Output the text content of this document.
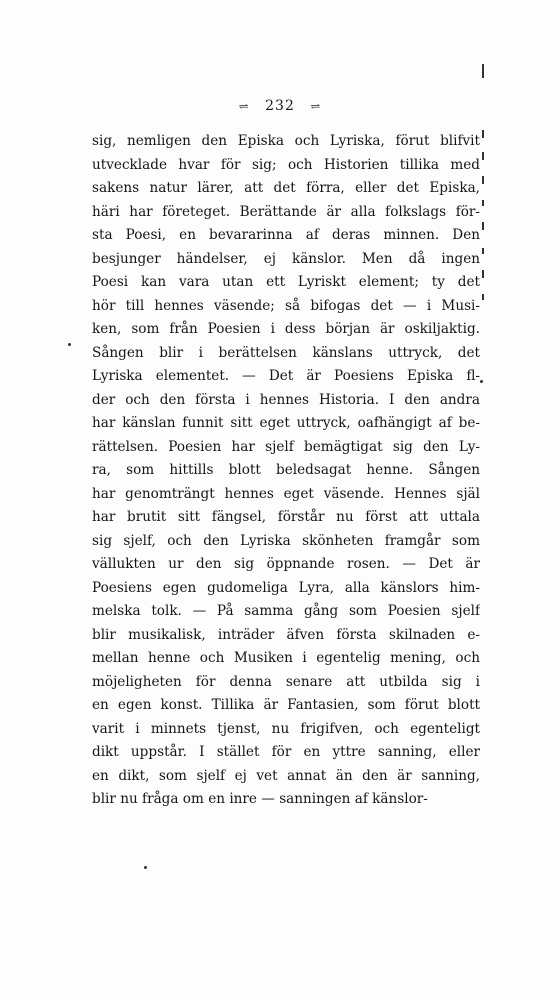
⇌ 232 ⇌
sig, nemligen den Episka och Lyriska, förut blifvit
utvecklade hvar för sig; och Historien tillika med
sakens natur lärer, att det förra, eller det Episka,
häri har företeget. Berättande är alla folkslags för-
sta Poesi, en bevararinna af deras minnen. Den
besjunger händelser, ej känslor. Men då ingen
Poesi kan vara utan ett Lyriskt element; ty det
hör till hennes väsende; så bifogas det — i Musi-
ken, som från Poesien i dess början är oskiljaktig.
Sången blir i berättelsen känslans uttryck, det
Lyriska elementet. — Det är Poesiens Episka fl-
der och den första i hennes Historia. I den andra
har känslan funnit sitt eget uttryck, oafhängigt af be-
rättelsen. Poesien har sjelf bemägtigat sig den Ly-
ra, som hittills blott beledsagat henne. Sången
har genomträngt hennes eget väsende. Hennes själ
har brutit sitt fängsel, förstår nu först att uttala
sig sjelf, och den Lyriska skönheten framgår som
vällukten ur den sig öppnande rosen. — Det är
Poesiens egen gudomeliga Lyra, alla känslors him-
melska tolk. — På samma gång som Poesien sjelf
blir musikalisk, inträder äfven första skilnaden e-
mellan henne och Musiken i egentelig mening, och
möjeligheten för denna senare att utbilda sig i
en egen konst. Tillika är Fantasien, som förut blott
varit i minnets tjenst, nu frigifven, och egenteligt
dikt uppstår. I stället för en yttre sanning, eller
en dikt, som sjelf ej vet annat än den är sanning,
blir nu fråga om en inre — sanningen af känslor-
